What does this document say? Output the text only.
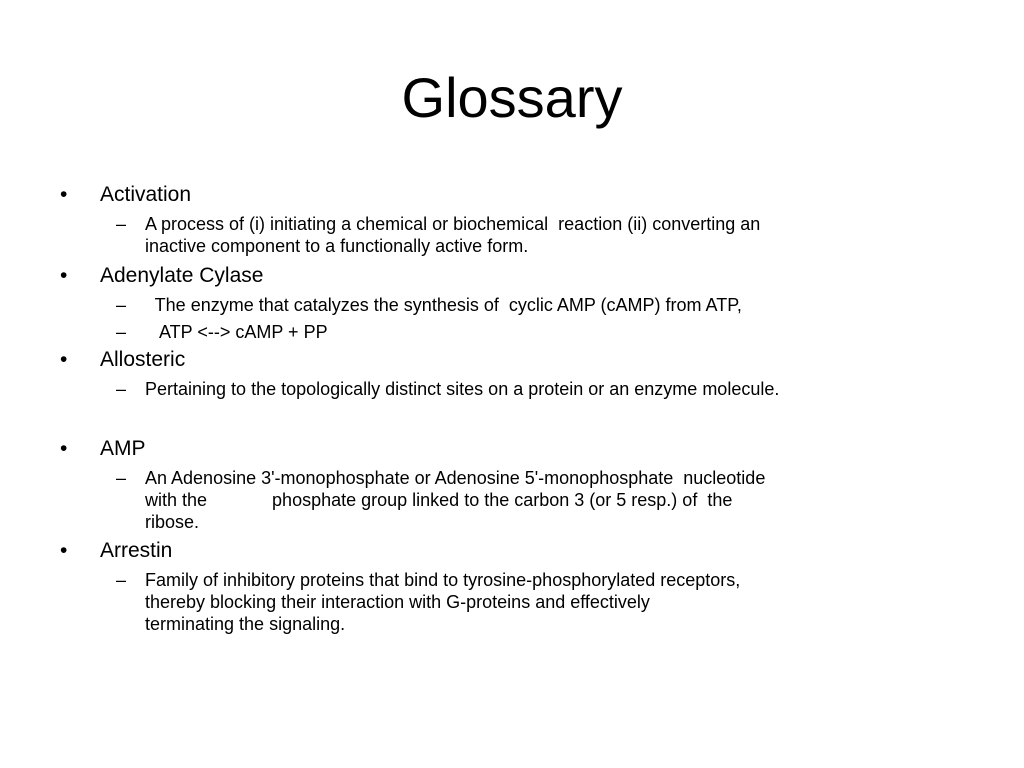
Glossary
• Activation
– A process of (i) initiating a chemical or biochemical  reaction (ii) converting an
inactive component to a functionally active form.
• Adenylate Cylase
– The enzyme that catalyzes the synthesis of  cyclic AMP (cAMP) from ATP,
– ATP <--> cAMP + PP
• Allosteric
– Pertaining to the topologically distinct sites on a protein or an enzyme molecule.
• AMP
– An Adenosine 3'-monophosphate or Adenosine 5'-monophosphate  nucleotide
with the             phosphate group linked to the carbon 3 (or 5 resp.) of  the
ribose.
• Arrestin
– Family of inhibitory proteins that bind to tyrosine-phosphorylated receptors,
thereby blocking their interaction with G-proteins and effectively
terminating the signaling.
